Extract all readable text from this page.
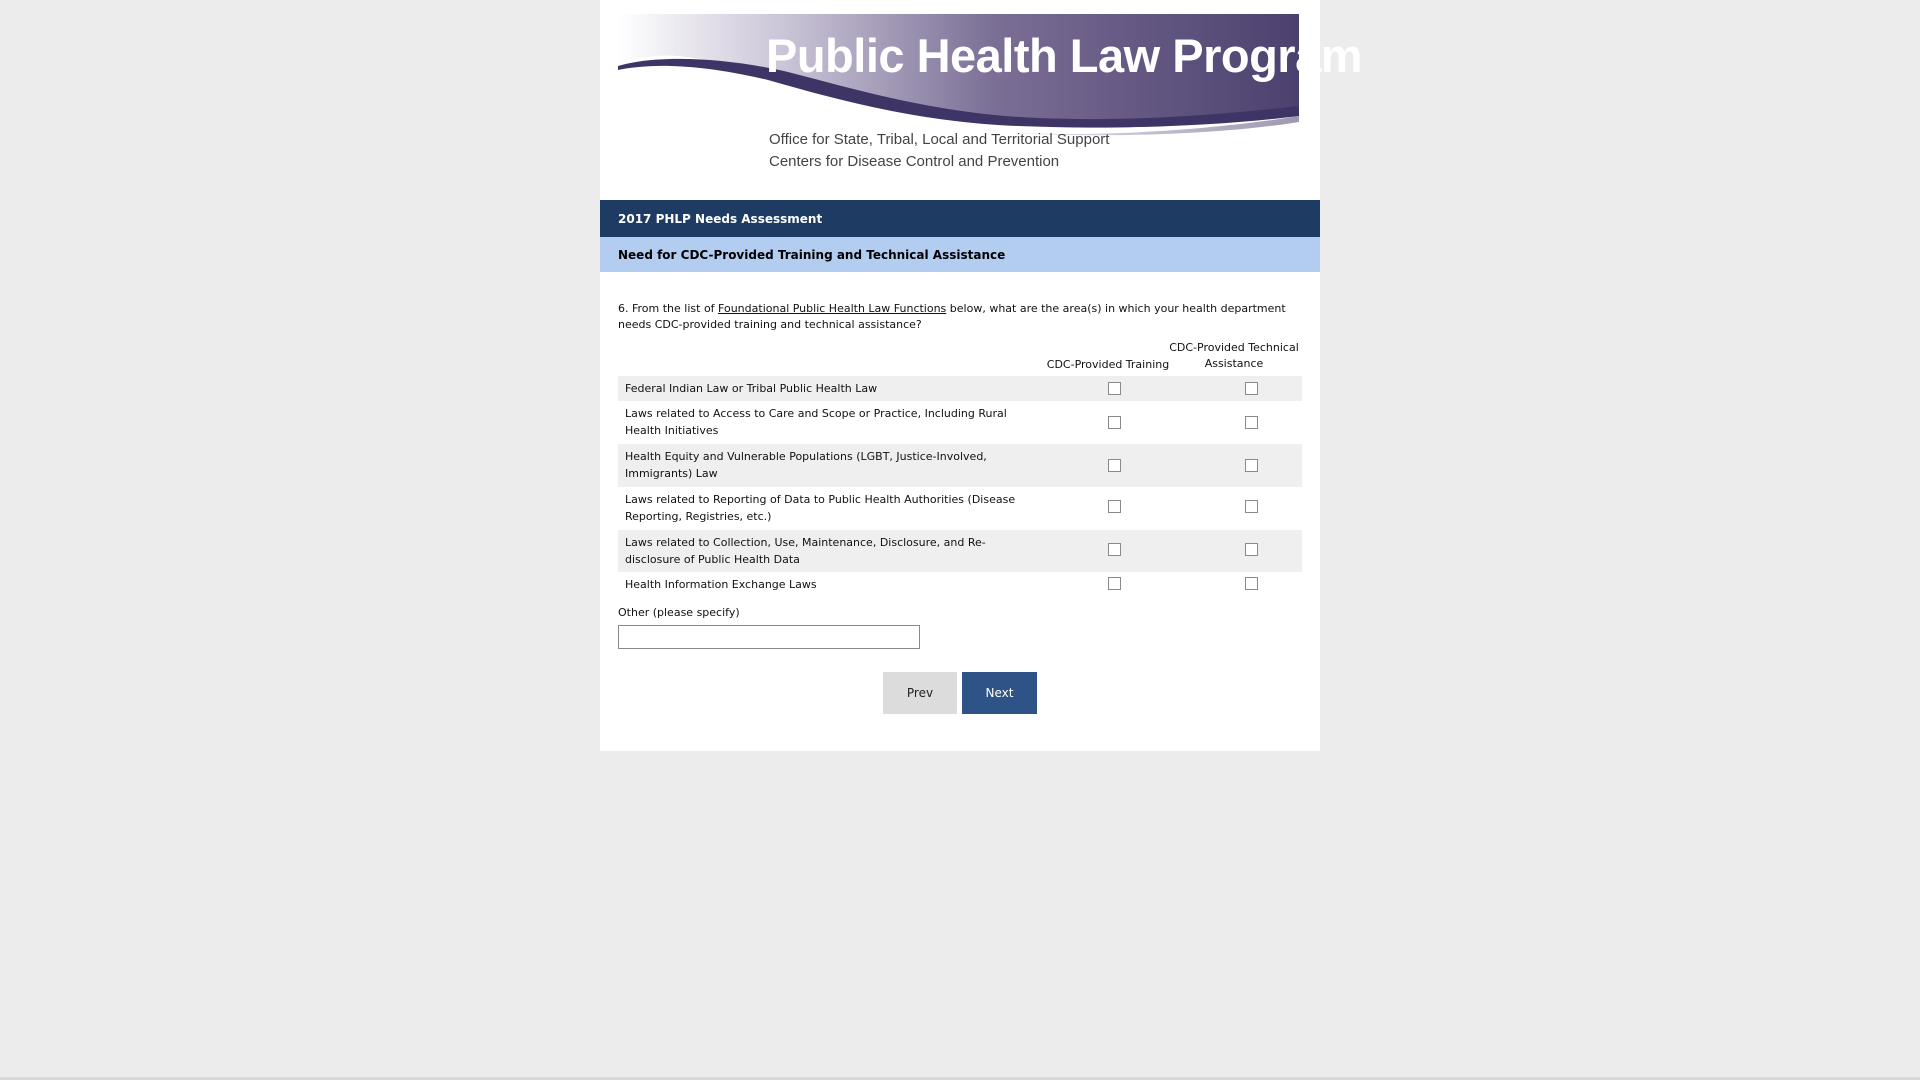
Public Health Law Program
Office for State, Tribal, Local and Territorial Support
Centers for Disease Control and Prevention
2017 PHLP Needs Assessment
Need for CDC-Provided Training and Technical Assistance
6. From the list of Foundational Public Health Law Functions below, what are the area(s) in which your health department needs CDC-provided training and technical assistance?
CDC-Provided Training
CDC-Provided Technical Assistance
Federal Indian Law or Tribal Public Health Law
Laws related to Access to Care and Scope or Practice, Including Rural Health Initiatives
Health Equity and Vulnerable Populations (LGBT, Justice-Involved, Immigrants) Law
Laws related to Reporting of Data to Public Health Authorities (Disease Reporting, Registries, etc.)
Laws related to Collection, Use, Maintenance, Disclosure, and Re-disclosure of Public Health Data
Health Information Exchange Laws
Other (please specify)
Prev	Next
